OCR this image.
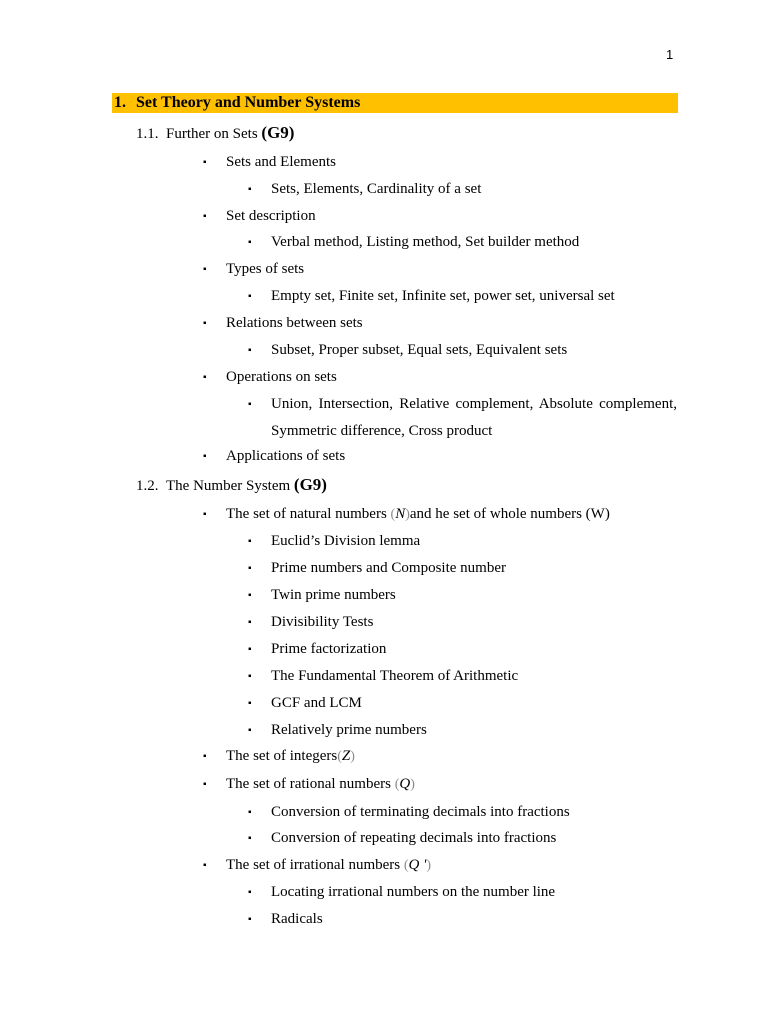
1
1. Set Theory and Number Systems
1.1. Further on Sets (G9)
▪ Sets and Elements
▪ Sets, Elements, Cardinality of a set
▪ Set description
▪ Verbal method, Listing method, Set builder method
▪ Types of sets
▪ Empty set, Finite set, Infinite set, power set, universal set
▪ Relations between sets
▪ Subset, Proper subset, Equal sets, Equivalent sets
▪ Operations on sets
▪ Union, Intersection, Relative complement, Absolute complement,
Symmetric difference, Cross product
▪ Applications of sets
1.2. The Number System (G9)
▪ The set of natural numbers (N)and he set of whole numbers (W)
▪ Euclid’s Division lemma
▪ Prime numbers and Composite number
▪ Twin prime numbers
▪ Divisibility Tests
▪ Prime factorization
▪ The Fundamental Theorem of Arithmetic
▪ GCF and LCM
▪ Relatively prime numbers
▪ The set of integers(Z)
▪ The set of rational numbers (Q)
▪ Conversion of terminating decimals into fractions
▪ Conversion of repeating decimals into fractions
▪ The set of irrational numbers (Q ')
▪ Locating irrational numbers on the number line
▪ Radicals
